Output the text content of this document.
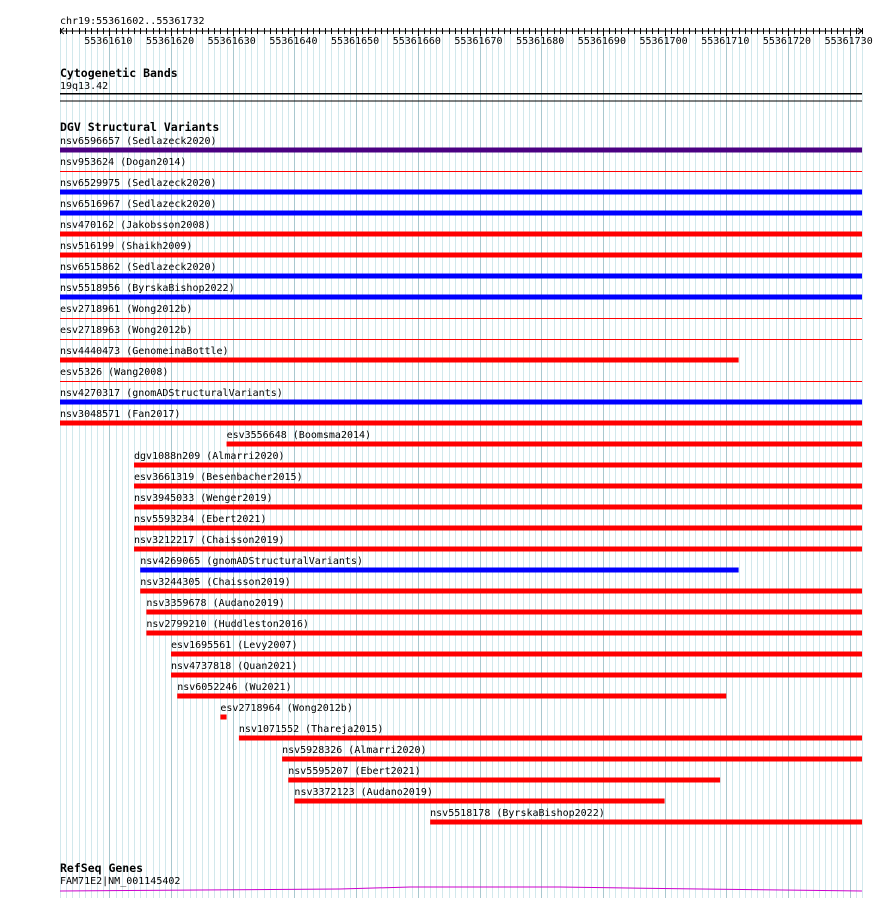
chr19:55361602..55361732
55361610 55361620 55361630 55361640 55361650 55361660 55361670 55361680 55361690 55361700 55361710 55361720 55361730
Cytogenetic Bands
19q13.42
DGV Structural Variants
nsv6596657 (Sedlazeck2020)
nsv953624 (Dogan2014)
nsv6529975 (Sedlazeck2020)
nsv6516967 (Sedlazeck2020)
nsv470162 (Jakobsson2008)
nsv516199 (Shaikh2009)
nsv6515862 (Sedlazeck2020)
nsv5518956 (ByrskaBishop2022)
esv2718961 (Wong2012b)
esv2718963 (Wong2012b)
nsv4440473 (GenomeinaBottle)
esv5326 (Wang2008)
nsv4270317 (gnomADStructuralVariants)
nsv3048571 (Fan2017)
esv3556648 (Boomsma2014)
dgv1088n209 (Almarri2020)
esv3661319 (Besenbacher2015)
nsv3945033 (Wenger2019)
nsv5593234 (Ebert2021)
nsv3212217 (Chaisson2019)
nsv4269065 (gnomADStructuralVariants)
nsv3244305 (Chaisson2019)
nsv3359678 (Audano2019)
nsv2799210 (Huddleston2016)
esv1695561 (Levy2007)
nsv4737818 (Quan2021)
nsv6052246 (Wu2021)
esv2718964 (Wong2012b)
nsv1071552 (Thareja2015)
nsv5928326 (Almarri2020)
nsv5595207 (Ebert2021)
nsv3372123 (Audano2019)
nsv5518178 (ByrskaBishop2022)
RefSeq Genes
FAM71E2|NM_001145402
